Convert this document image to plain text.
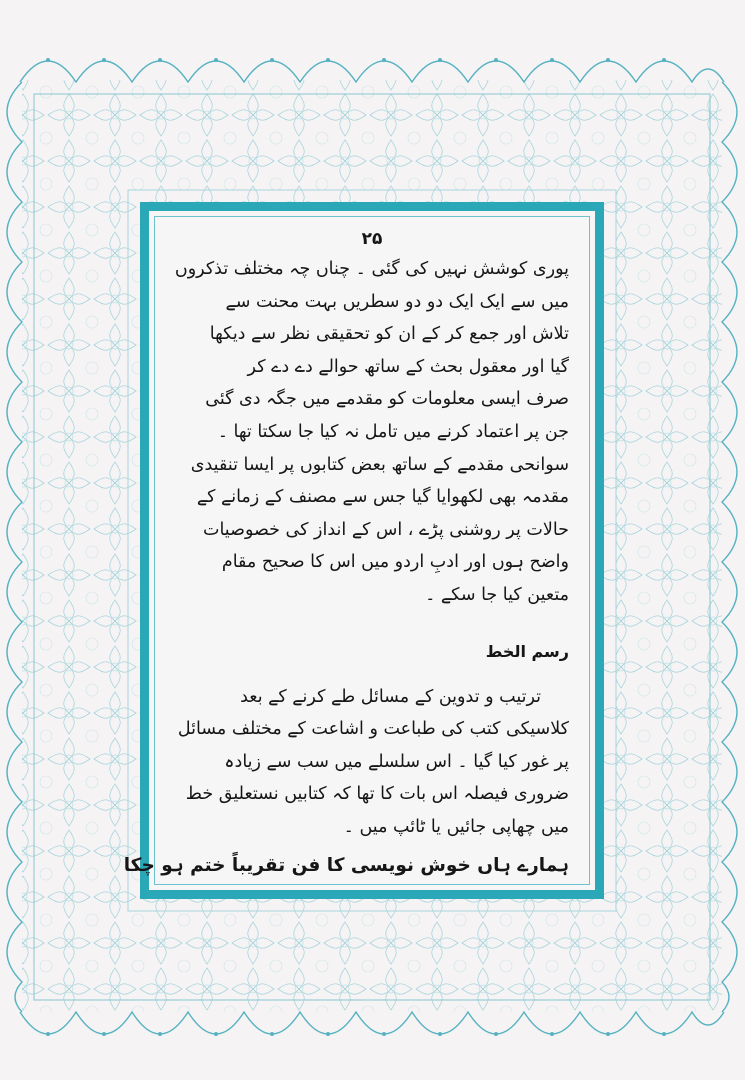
۲۵
پوری کوشش نہیں کی گئی ۔ چناں چہ مختلف تذکروں
میں سے ایک ایک دو دو سطریں بہت محنت سے
تلاش اور جمع کر کے ان کو تحقیقی نظر سے دیکھا
گیا اور معقول بحث کے ساتھ حوالے دے دے کر
صرف ایسی معلومات کو مقدمے میں جگہ دی گئی
جن پر اعتماد کرنے میں تامل نہ کیا جا سکتا تھا ۔
سوانحی مقدمے کے ساتھ بعض کتابوں پر ایسا تنقیدی
مقدمہ بھی لکھوایا گیا جس سے مصنف کے زمانے کے
حالات پر روشنی پڑے ، اس کے انداز کی خصوصیات
واضح ہوں اور ادبِ اردو میں اس کا صحیح مقام
متعین کیا جا سکے ۔
رسم الخط
ترتیب و تدوین کے مسائل طے کرنے کے بعد
کلاسیکی کتب کی طباعت و اشاعت کے مختلف مسائل
پر غور کیا گیا ۔ اس سلسلے میں سب سے زیادہ
ضروری فیصلہ اس بات کا تھا کہ کتابیں نستعلیق خط
میں چھاپی جائیں یا ٹائپ میں ۔
ہمارے ہاں خوش نویسی کا فن تقریباً ختم ہو چکا
